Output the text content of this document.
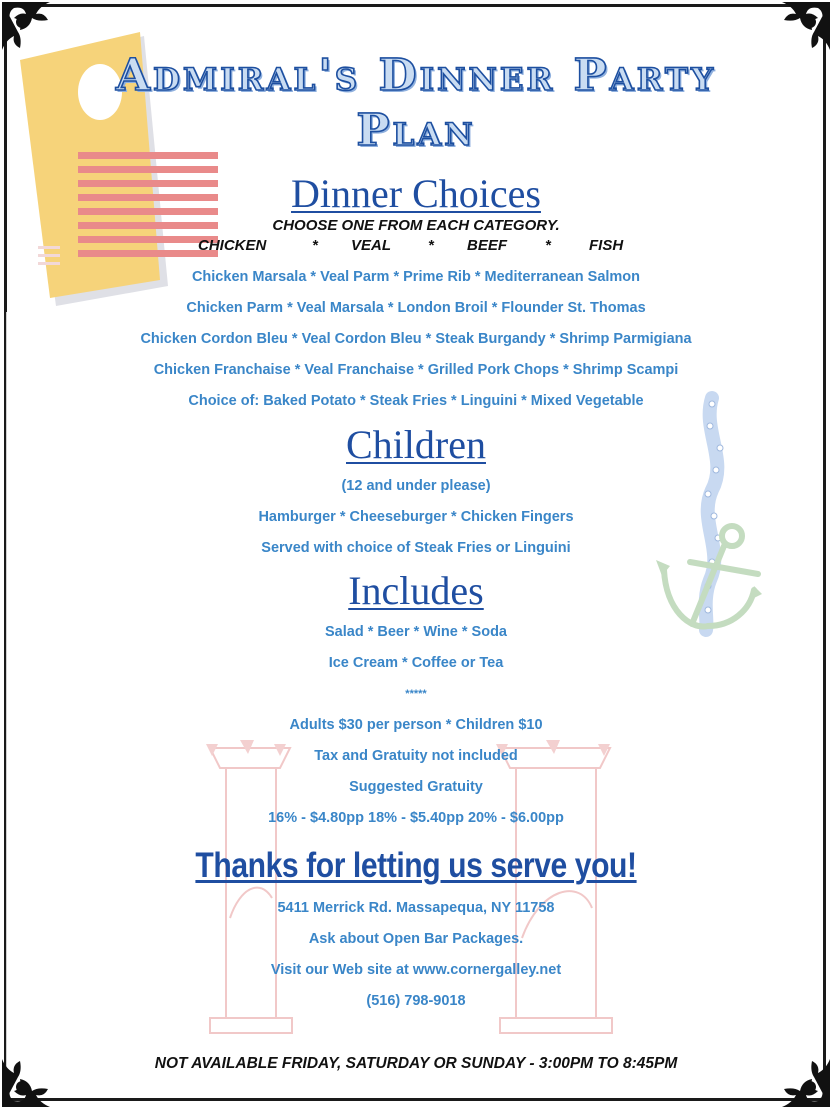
Admiral's Dinner Party
Plan
Dinner Choices
CHOOSE ONE FROM EACH CATEGORY.
CHICKEN	* VEAL * BEEF	*	FISH
Chicken Marsala * Veal Parm * Prime Rib * Mediterranean Salmon
Chicken Parm * Veal Marsala * London Broil * Flounder St. Thomas
Chicken Cordon Bleu * Veal Cordon Bleu * Steak Burgandy * Shrimp Parmigiana
Chicken Franchaise * Veal Franchaise * Grilled Pork Chops * Shrimp Scampi
Choice of: Baked Potato * Steak Fries * Linguini * Mixed Vegetable
Children
(12 and under please)
Hamburger * Cheeseburger * Chicken Fingers
Served with choice of Steak Fries or Linguini
Includes
Salad * Beer * Wine * Soda
Ice Cream * Coffee or Tea
*****
Adults $30 per person * Children $10
Tax and Gratuity not included
Suggested Gratuity
16% - $4.80pp 18% - $5.40pp 20% - $6.00pp
Thanks for letting us serve you!
5411 Merrick Rd. Massapequa, NY 11758
Ask about Open Bar Packages.
Visit our Web site at www.cornergalley.net
(516) 798-9018
NOT AVAILABLE FRIDAY, SATURDAY OR SUNDAY - 3:00PM TO 8:45PM
